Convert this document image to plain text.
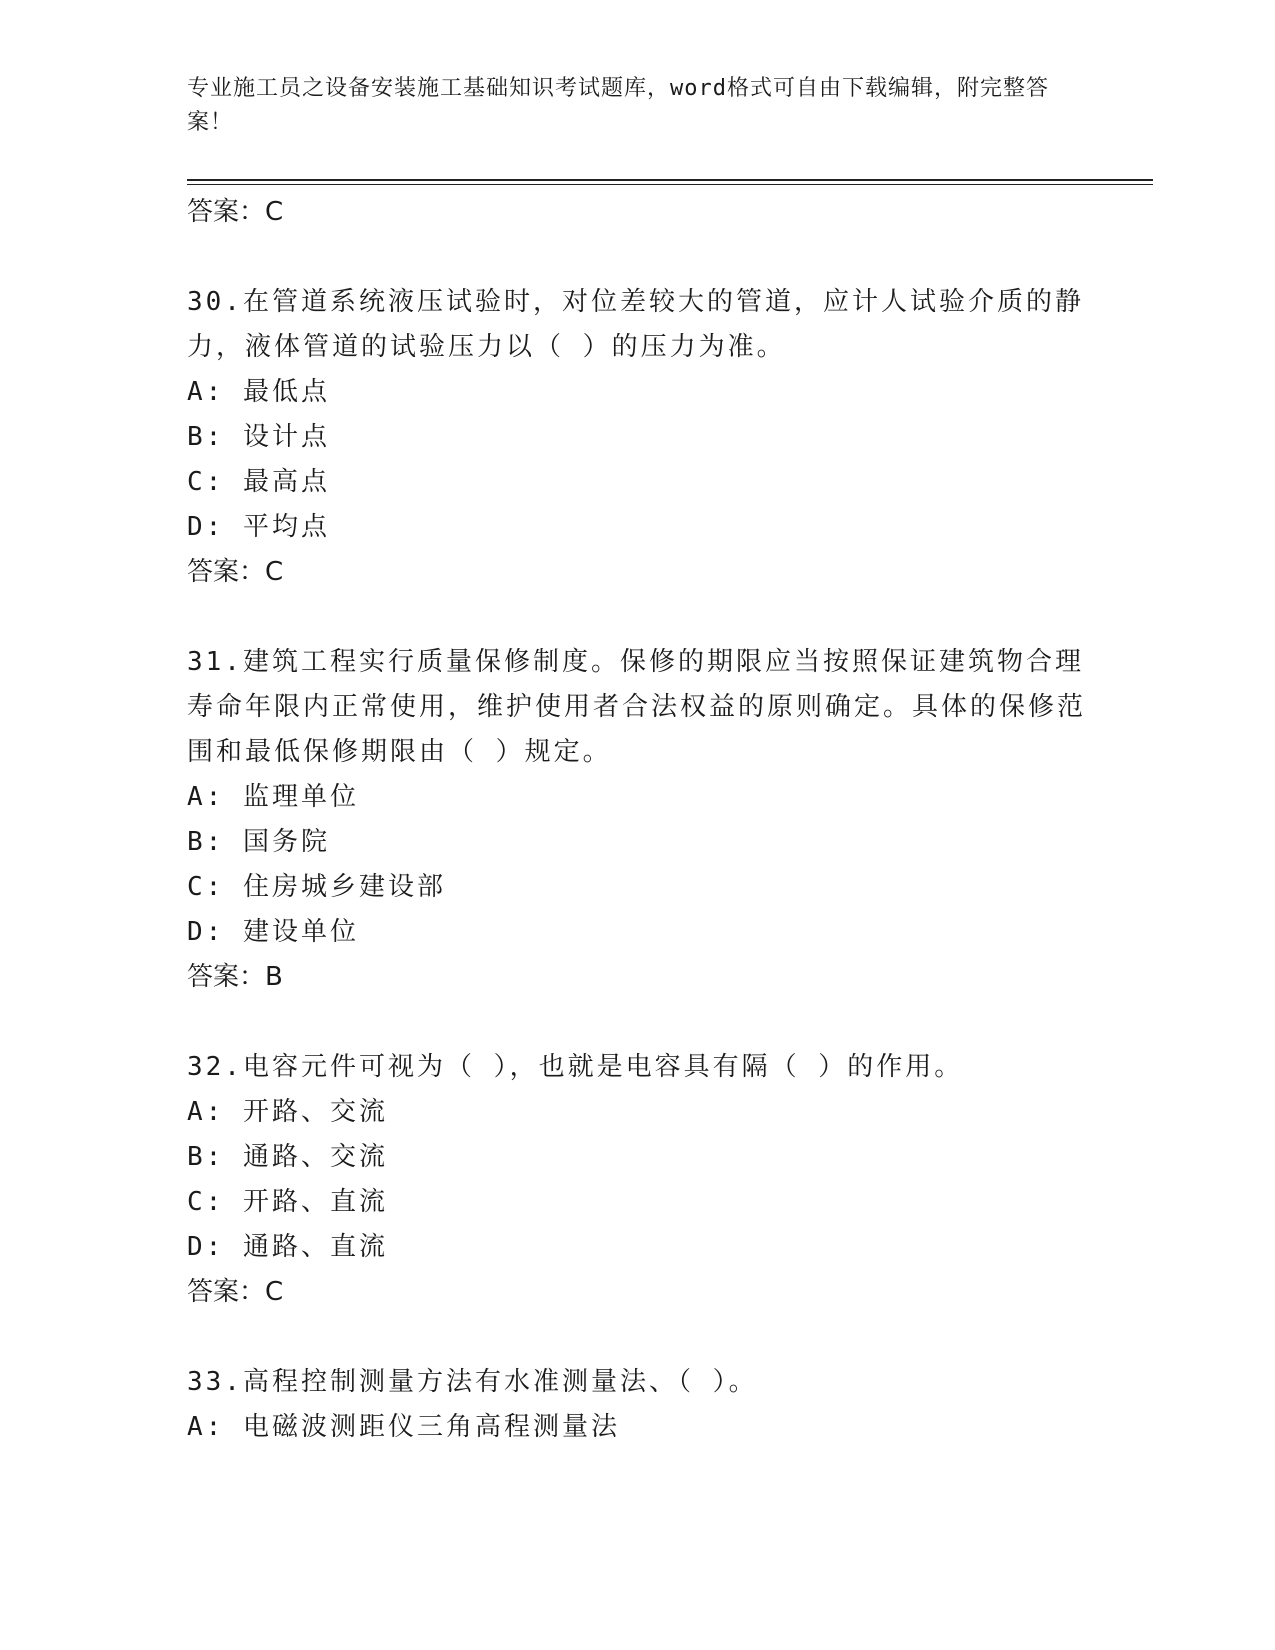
专业施工员之设备安装施工基础知识考试题库，word格式可自由下载编辑，附完整答案！

答案：C

30.在管道系统液压试验时，对位差较大的管道，应计人试验介质的静力，液体管道的试验压力以（ ）的压力为准。

A: 最低点

B: 设计点

C: 最高点

D: 平均点

答案：C

31.建筑工程实行质量保修制度。保修的期限应当按照保证建筑物合理寿命年限内正常使用，维护使用者合法权益的原则确定。具体的保修范围和最低保修期限由（ ）规定。

A: 监理单位

B: 国务院

C: 住房城乡建设部

D: 建设单位

答案：B

32.电容元件可视为（ ），也就是电容具有隔（ ）的作用。

A: 开路、交流

B: 通路、交流

C: 开路、直流

D: 通路、直流

答案：C

33.高程控制测量方法有水准测量法、（ ）。

A: 电磁波测距仪三角高程测量法
